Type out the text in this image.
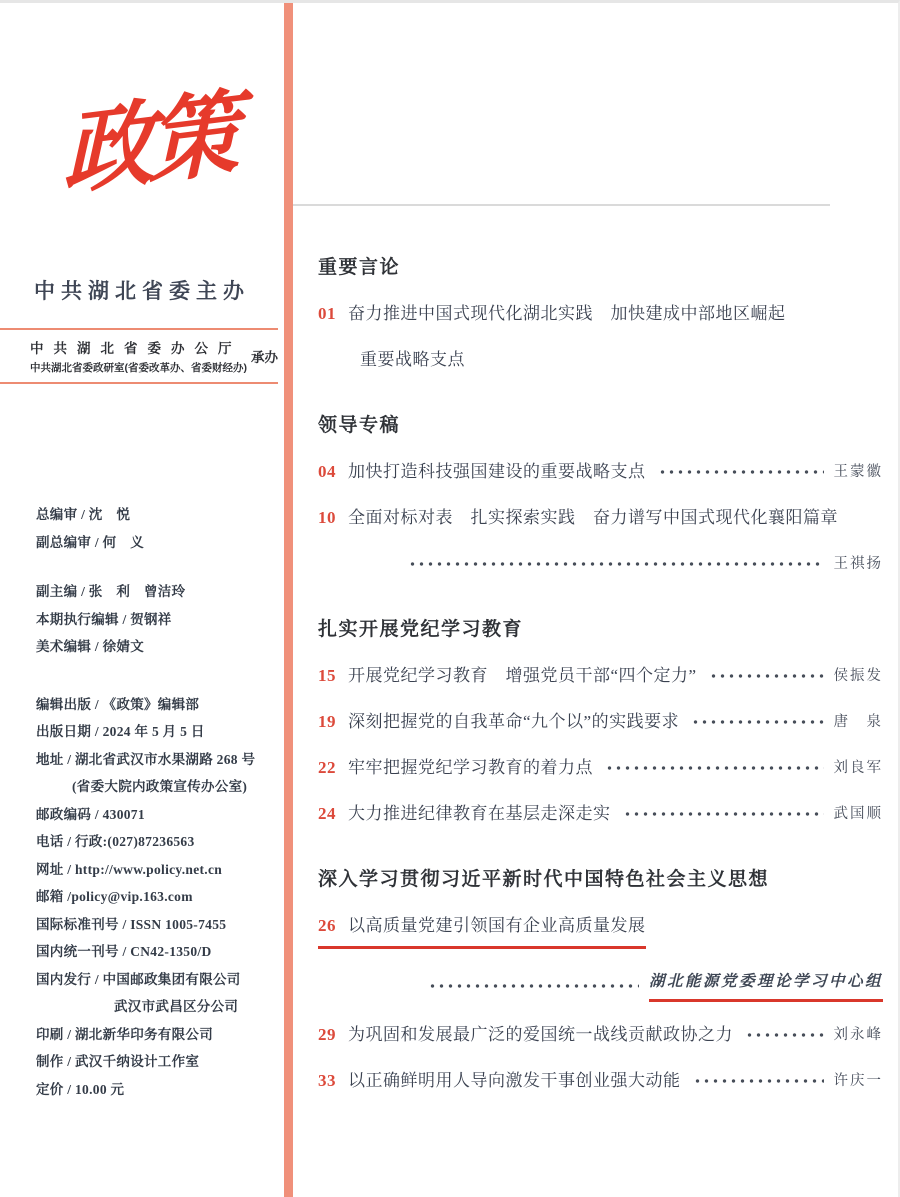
政策
中共湖北省委主办
中共湖北省委办公厅
中共湖北省委政研室(省委改革办、省委财经办)
承办
总编审 / 沈　悦
副总编审 / 何　义
副主编 / 张　利　曾洁玲
本期执行编辑 / 贺钢祥
美术编辑 / 徐婧文
编辑出版 / 《政策》编辑部
出版日期 / 2024 年 5 月 5 日
地址 / 湖北省武汉市水果湖路 268 号
(省委大院内政策宣传办公室)
邮政编码 / 430071
电话 / 行政:(027)87236563
网址 / http://www.policy.net.cn
邮箱 /policy@vip.163.com
国际标准刊号 / ISSN 1005-7455
国内统一刊号 / CN42-1350/D
国内发行 / 中国邮政集团有限公司
武汉市武昌区分公司
印刷 / 湖北新华印务有限公司
制作 / 武汉千纳设计工作室
定价 / 10.00 元
重要言论
01 奋力推进中国式现代化湖北实践　加快建成中部地区崛起
重要战略支点
领导专稿
04 加快打造科技强国建设的重要战略支点	王蒙徽
10 全面对标对表　扎实探索实践　奋力谱写中国式现代化襄阳篇章
王祺扬
扎实开展党纪学习教育
15 开展党纪学习教育　增强党员干部“四个定力”	侯振发
19 深刻把握党的自我革命“九个以”的实践要求	唐　泉
22 牢牢把握党纪学习教育的着力点	刘良军
24 大力推进纪律教育在基层走深走实	武国顺
深入学习贯彻习近平新时代中国特色社会主义思想
26 以高质量党建引领国有企业高质量发展
湖北能源党委理论学习中心组
29 为巩固和发展最广泛的爱国统一战线贡献政协之力	刘永峰
33 以正确鲜明用人导向激发干事创业强大动能	许庆一
